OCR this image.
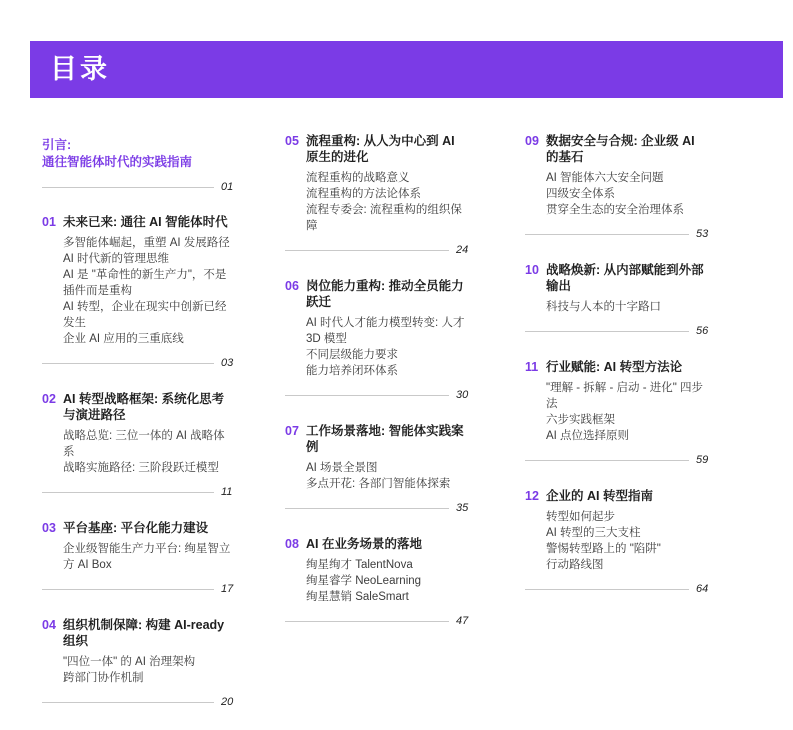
目录
引言:
通往智能体时代的实践指南
01
01 未来已来: 通往 AI 智能体时代
多智能体崛起，重塑 AI 发展路径
AI 时代新的管理思维
AI 是 "革命性的新生产力"，不是插件而是重构
AI 转型，企业在现实中创新已经发生
企业 AI 应用的三重底线
03
02 AI 转型战略框架: 系统化思考与演进路径
战略总览: 三位一体的 AI 战略体系
战略实施路径: 三阶段跃迁模型
11
03 平台基座: 平台化能力建设
企业级智能生产力平台: 绚星智立方 AI Box
17
04 组织机制保障: 构建 AI-ready 组织
"四位一体" 的 AI 治理架构
跨部门协作机制
20
05 流程重构: 从人为中心到 AI 原生的进化
流程重构的战略意义
流程重构的方法论体系
流程专委会: 流程重构的组织保障
24
06 岗位能力重构: 推动全员能力跃迁
AI 时代人才能力模型转变: 人才 3D 模型
不同层级能力要求
能力培养闭环体系
30
07 工作场景落地: 智能体实践案例
AI 场景全景图
多点开花: 各部门智能体探索
35
08 AI 在业务场景的落地
绚星绚才 TalentNova
绚星睿学 NeoLearning
绚星慧销 SaleSmart
47
09 数据安全与合规: 企业级 AI 的基石
AI 智能体六大安全问题
四级安全体系
贯穿全生态的安全治理体系
53
10 战略焕新: 从内部赋能到外部输出
科技与人本的十字路口
56
11 行业赋能: AI 转型方法论
"理解 - 拆解 - 启动 - 进化" 四步法
六步实践框架
AI 点位选择原则
59
12 企业的 AI 转型指南
转型如何起步
AI 转型的三大支柱
警惕转型路上的 "陷阱"
行动路线图
64
